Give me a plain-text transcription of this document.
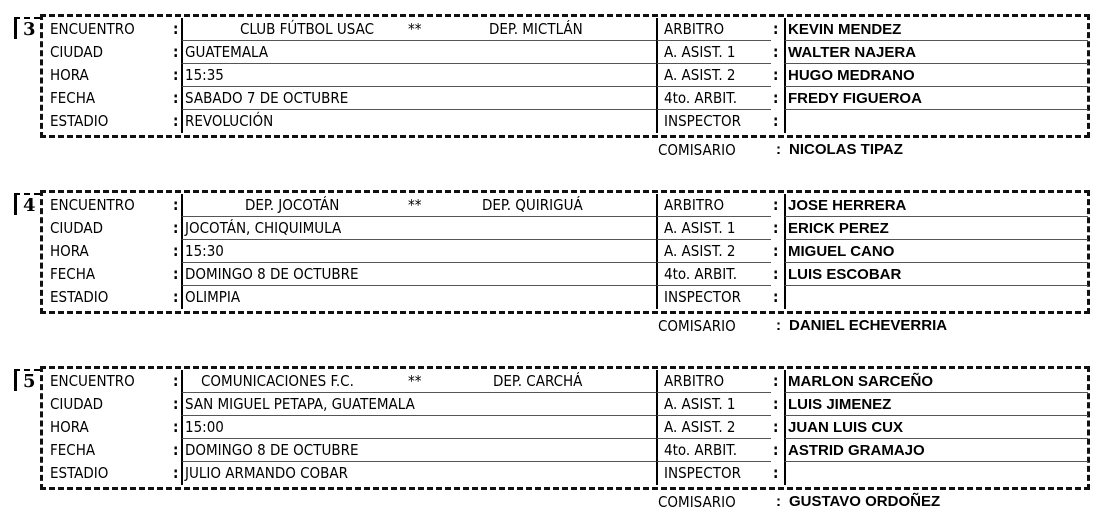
3 ENCUENTRO	:	CLUB FÚTBOL USAC **	DEP. MICTLÁN	ARBITRO	: KEVIN MENDEZ
CIUDAD	: GUATEMALA	A. ASIST. 1	: WALTER NAJERA
HORA	: 15:35	A. ASIST. 2	: HUGO MEDRANO
FECHA	: SABADO 7 DE OCTUBRE	4to. ARBIT.	: FREDY FIGUEROA
ESTADIO	: REVOLUCIÓN	INSPECTOR	:
COMISARIO	: NICOLAS TIPAZ
4 ENCUENTRO	:	DEP. JOCOTÁN	**	DEP. QUIRIGUÁ	ARBITRO	: JOSE HERRERA
CIUDAD	: JOCOTÁN, CHIQUIMULA	A. ASIST. 1	: ERICK PEREZ
HORA	: 15:30	A. ASIST. 2	: MIGUEL CANO
FECHA	: DOMINGO 8 DE OCTUBRE	4to. ARBIT.	: LUIS ESCOBAR
ESTADIO	: OLIMPIA	INSPECTOR	:
COMISARIO	: DANIEL ECHEVERRIA
5 ENCUENTRO	:	COMUNICACIONES F.C.	**	DEP. CARCHÁ	ARBITRO	: MARLON SARCEÑO
CIUDAD	: SAN MIGUEL PETAPA, GUATEMALA	A. ASIST. 1	: LUIS JIMENEZ
HORA	: 15:00	A. ASIST. 2	: JUAN LUIS CUX
FECHA	: DOMINGO 8 DE OCTUBRE	4to. ARBIT.	: ASTRID GRAMAJO
ESTADIO	: JULIO ARMANDO COBAR	INSPECTOR	:
COMISARIO	: GUSTAVO ORDOÑEZ
